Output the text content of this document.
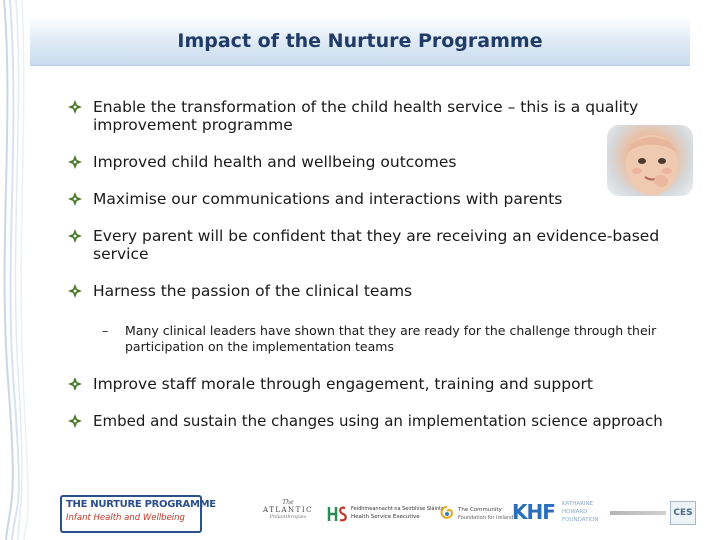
Impact of the Nurture Programme
Enable the transformation of the child health service – this is a quality improvement programme
Improved child health and wellbeing outcomes
Maximise our communications and interactions with parents
Every parent will be confident that they are receiving an evidence-based service
Harness the passion of the clinical teams
– Many clinical leaders have shown that they are ready for the challenge through their participation on the implementation teams
Improve staff morale through engagement, training and support
Embed and sustain the changes using an implementation science approach
THE NURTURE PROGRAMME
Infant Health and Wellbeing
The
ATLANTIC
Philanthropies
Feidhmeannacht na Seirbhíse Sláinte
Health Service Executive
The Community
Foundation for Ireland
KHF KATHARINE
HOWARD
FOUNDATION
CES
